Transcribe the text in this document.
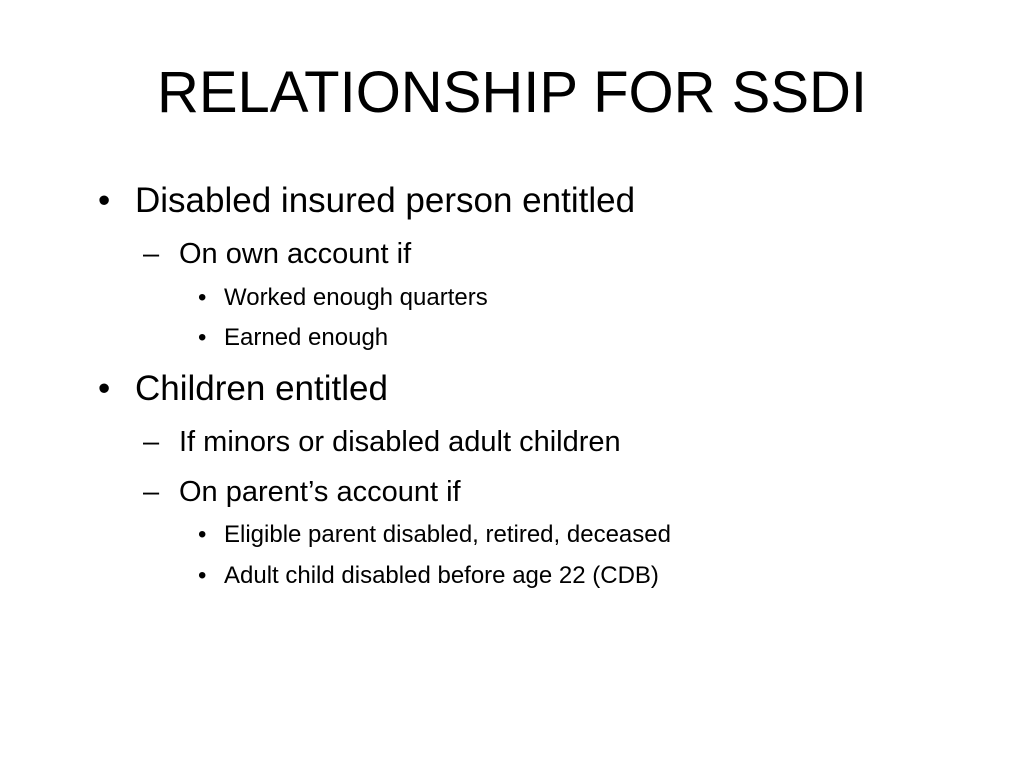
RELATIONSHIP FOR SSDI
• Disabled insured person entitled
– On own account if
• Worked enough quarters
• Earned enough
• Children entitled
– If minors or disabled adult children
– On parent’s account if
• Eligible parent disabled, retired, deceased
• Adult child disabled before age 22 (CDB)
